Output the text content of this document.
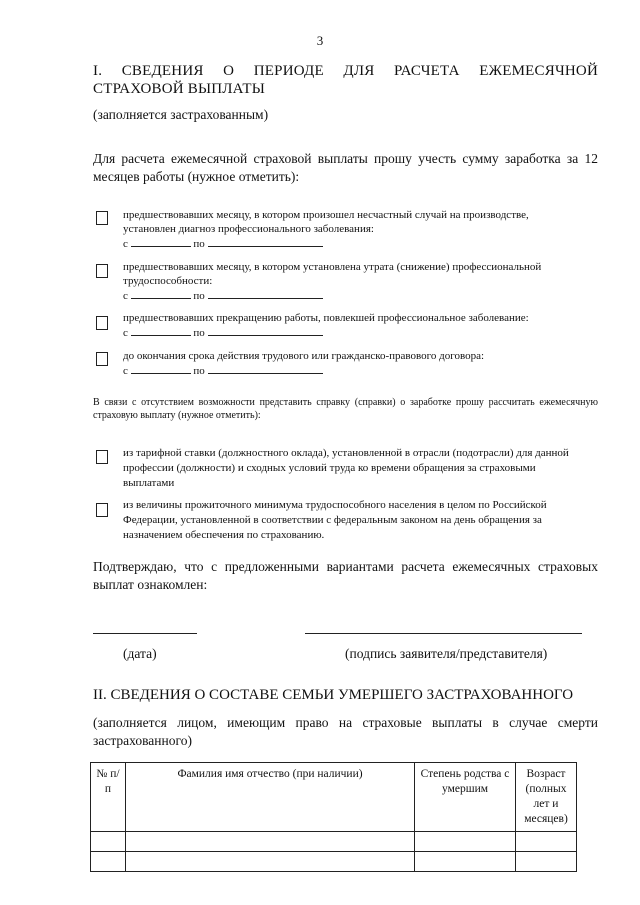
3
I. СВЕДЕНИЯ О ПЕРИОДЕ ДЛЯ РАСЧЕТА ЕЖЕМЕСЯЧНОЙ СТРАХОВОЙ ВЫПЛАТЫ
(заполняется застрахованным)
Для расчета ежемесячной страховой выплаты прошу учесть сумму заработка за 12 месяцев работы (нужное отметить):
предшествовавших месяцу, в котором произошел несчастный случай на производстве, установлен диагноз профессионального заболевания:
с	по
предшествовавших месяцу, в котором установлена утрата (снижение) профессиональной трудоспособности:
с	по
предшествовавших прекращению работы, повлекшей профессиональное заболевание:
с	по
до окончания срока действия трудового или гражданско-правового договора:
с	по
В связи с отсутствием возможности представить справку (справки) о заработке прошу рассчитать ежемесячную страховую выплату (нужное отметить):
из тарифной ставки (должностного оклада), установленной в отрасли (подотрасли) для данной профессии (должности) и сходных условий труда ко времени обращения за страховыми выплатами
из величины прожиточного минимума трудоспособного населения в целом по Российской Федерации, установленной в соответствии с федеральным законом на день обращения за назначением обеспечения по страхованию.
Подтверждаю, что с предложенными вариантами расчета ежемесячных страховых выплат ознакомлен:
(дата)	(подпись заявителя/представителя)
II. СВЕДЕНИЯ О СОСТАВЕ СЕМЬИ УМЕРШЕГО ЗАСТРАХОВАННОГО
(заполняется лицом, имеющим право на страховые выплаты в случае смерти застрахованного)
№ п/п	Фамилия имя отчество (при наличии)	Степень родства с умершим	Возраст (полных лет и месяцев)
